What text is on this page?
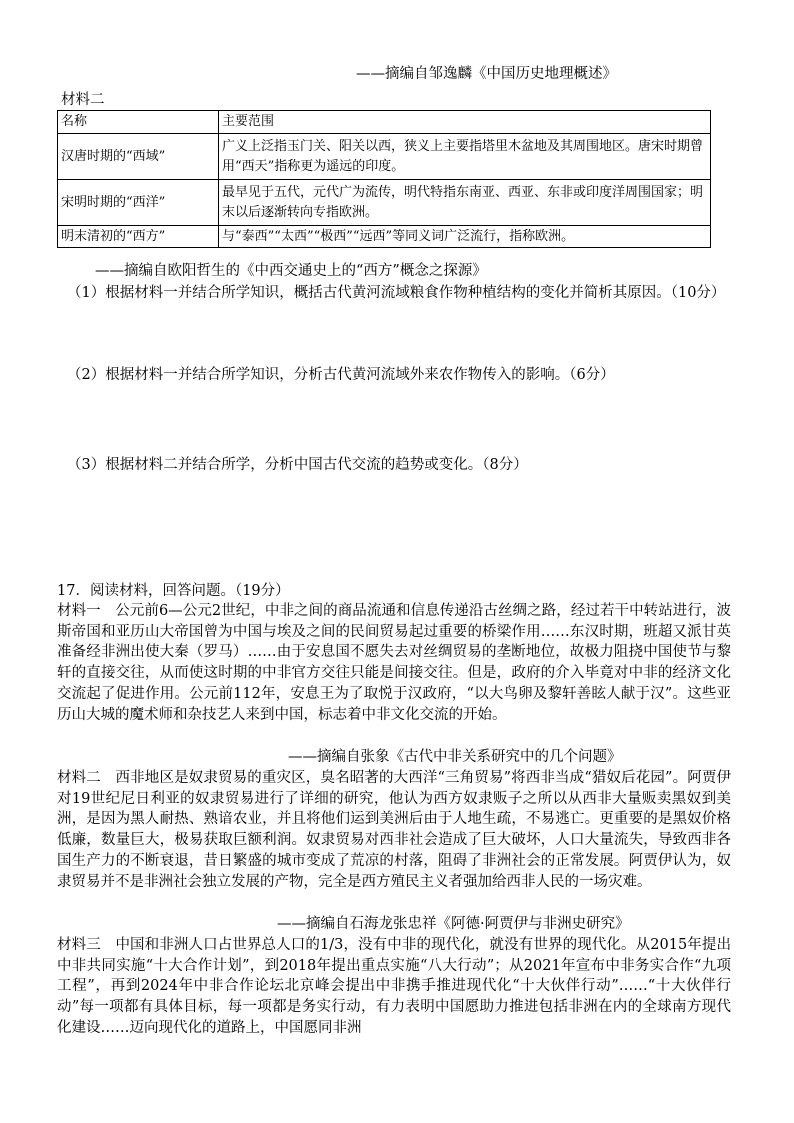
——摘编自邹逸麟《中国历史地理概述》
材料二
名称	主要范围
汉唐时期的“西域”	广义上泛指玉门关、阳关以西，狭义上主要指塔里木盆地及其周围地区。唐宋时期曾用“西天”指称更为遥远的印度。
宋明时期的“西洋”	最早见于五代，元代广为流传，明代特指东南亚、西亚、东非或印度洋周围国家；明末以后逐渐转向专指欧洲。
明末清初的“西方”	与“泰西”“太西”“极西”“远西”等同义词广泛流行，指称欧洲。
——摘编自欧阳哲生的《中西交通史上的“西方”概念之探源》
（1）根据材料一并结合所学知识，概括古代黄河流域粮食作物种植结构的变化并简析其原因。（10分）
（2）根据材料一并结合所学知识，分析古代黄河流域外来农作物传入的影响。（6分）
（3）根据材料二并结合所学，分析中国古代交流的趋势或变化。（8分）
17．阅读材料，回答问题。（19分）
材料一　公元前6—公元2世纪，中非之间的商品流通和信息传递沿古丝绸之路，经过若干中转站进行，波斯帝国和亚历山大帝国曾为中国与埃及之间的民间贸易起过重要的桥梁作用……东汉时期，班超又派甘英准备经非洲出使大秦（罗马）……由于安息国不愿失去对丝绸贸易的垄断地位，故极力阻挠中国使节与黎轩的直接交往，从而使这时期的中非官方交往只能是间接交往。但是，政府的介入毕竟对中非的经济文化交流起了促进作用。公元前112年，安息王为了取悦于汉政府，“以大鸟卵及黎轩善眩人献于汉”。这些亚历山大城的魔术师和杂技艺人来到中国，标志着中非文化交流的开始。
——摘编自张象《古代中非关系研究中的几个问题》
材料二　西非地区是奴隶贸易的重灾区，臭名昭著的大西洋“三角贸易”将西非当成“猎奴后花园”。阿贾伊对19世纪尼日利亚的奴隶贸易进行了详细的研究，他认为西方奴隶贩子之所以从西非大量贩卖黑奴到美洲，是因为黑人耐热、熟谙农业，并且将他们运到美洲后由于人地生疏，不易逃亡。更重要的是黑奴价格低廉，数量巨大，极易获取巨额利润。奴隶贸易对西非社会造成了巨大破坏，人口大量流失，导致西非各国生产力的不断衰退，昔日繁盛的城市变成了荒凉的村落，阻碍了非洲社会的正常发展。阿贾伊认为，奴隶贸易并不是非洲社会独立发展的产物，完全是西方殖民主义者强加给西非人民的一场灾难。
——摘编自石海龙张忠祥《阿德·阿贾伊与非洲史研究》
材料三　中国和非洲人口占世界总人口的1/3，没有中非的现代化，就没有世界的现代化。从2015年提出中非共同实施“十大合作计划”，到2018年提出重点实施“八大行动”；从2021年宣布中非务实合作“九项工程”，再到2024年中非合作论坛北京峰会提出中非携手推进现代化“十大伙伴行动”……“十大伙伴行动”每一项都有具体目标，每一项都是务实行动，有力表明中国愿助力推进包括非洲在内的全球南方现代化建设……迈向现代化的道路上，中国愿同非洲
